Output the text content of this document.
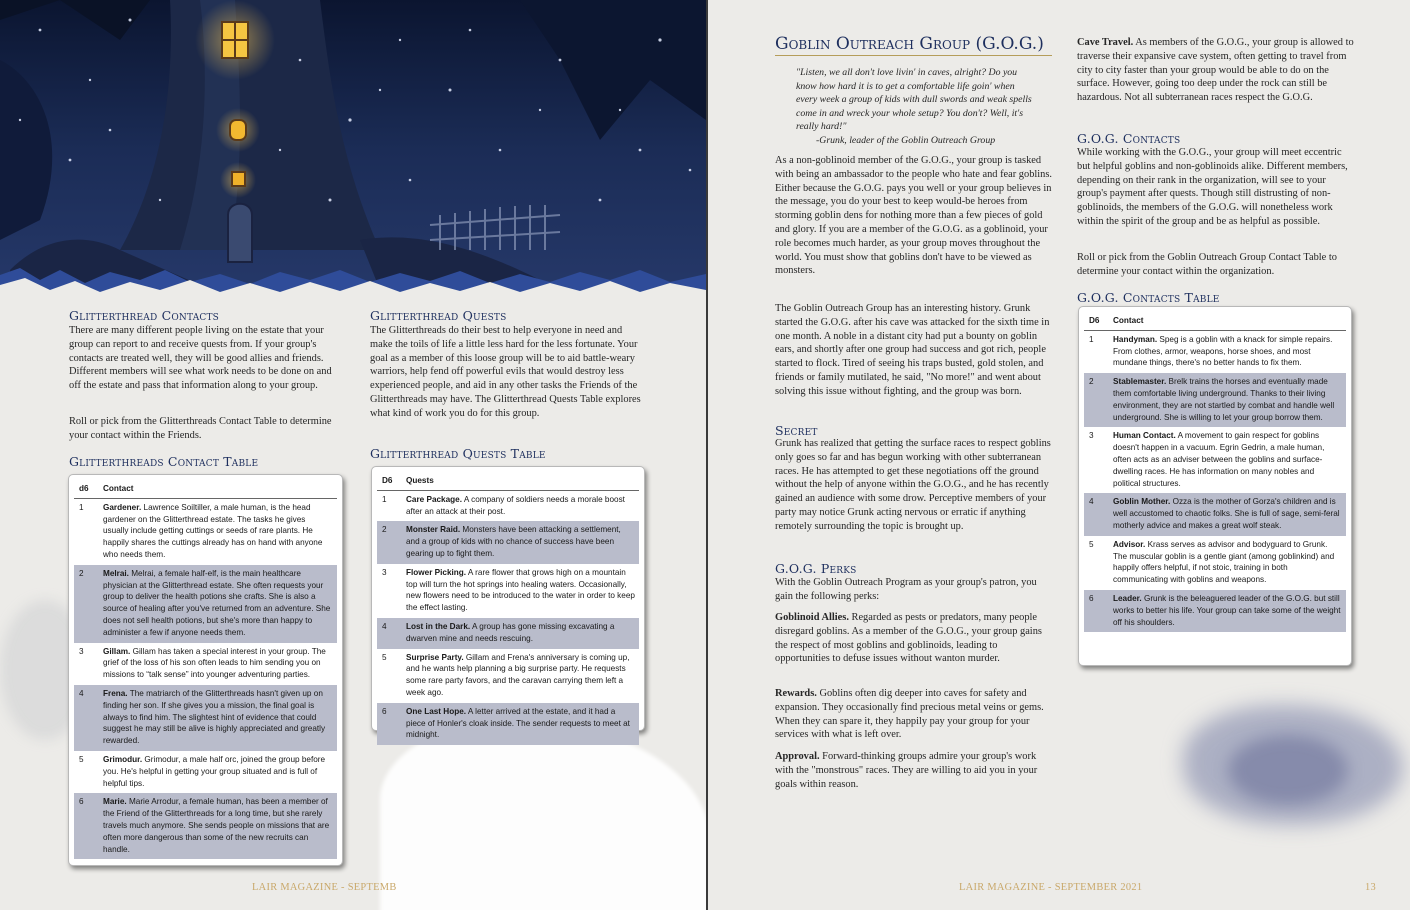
Glitterthread Contacts

There are many different people living on the estate that your group can report to and receive quests from. If your group's contacts are treated well, they will be good allies and friends. Different members will see what work needs to be done on and off the estate and pass that information along to your group.

Roll or pick from the Glitterthreads Contact Table to determine your contact within the Friends.

Glitterthreads Contact Table
d6	Contact
1	Gardener. Lawrence Soiltiller, a male human, is the head gardener on the Glitterthread estate. The tasks he gives usually include getting cuttings or seeds of rare plants. He happily shares the cuttings already has on hand with anyone who needs them.
2	Melrai. Melrai, a female half-elf, is the main healthcare physician at the Glitterthread estate. She often requests your group to deliver the health potions she crafts. She is also a source of healing after you've returned from an adventure. She does not sell health potions, but she's more than happy to administer a few if anyone needs them.
3	Gillam. Gillam has taken a special interest in your group. The grief of the loss of his son often leads to him sending you on missions to “talk sense” into younger adventuring parties.
4	Frena. The matriarch of the Glitterthreads hasn't given up on finding her son. If she gives you a mission, the final goal is always to find him. The slightest hint of evidence that could suggest he may still be alive is highly appreciated and greatly rewarded.
5	Grimodur. Grimodur, a male half orc, joined the group before you. He's helpful in getting your group situated and is full of helpful tips.
6	Marie. Marie Arrodur, a female human, has been a member of the Friend of the Glitterthreads for a long time, but she rarely travels much anymore. She sends people on missions that are often more dangerous than some of the new recruits can handle.
Glitterthread Quests

The Glitterthreads do their best to help everyone in need and make the toils of life a little less hard for the less fortunate. Your goal as a member of this loose group will be to aid battle-weary warriors, help fend off powerful evils that would destroy less experienced people, and aid in any other tasks the Friends of the Glitterthreads may have. The Glitterthread Quests Table explores what kind of work you do for this group.

Glitterthread Quests Table
D6	Quests
1	Care Package. A company of soldiers needs a morale boost after an attack at their post.
2	Monster Raid. Monsters have been attacking a settlement, and a group of kids with no chance of success have been gearing up to fight them.
3	Flower Picking. A rare flower that grows high on a mountain top will turn the hot springs into healing waters. Occasionally, new flowers need to be introduced to the water in order to keep the effect lasting.
4	Lost in the Dark. A group has gone missing excavating a dwarven mine and needs rescuing.
5	Surprise Party. Gillam and Frena's anniversary is coming up, and he wants help planning a big surprise party. He requests some rare party favors, and the caravan carrying them left a week ago.
6	One Last Hope. A letter arrived at the estate, and it had a piece of Honler's cloak inside. The sender requests to meet at midnight.
LAIR MAGAZINE - SEPTEMB
Goblin Outreach Group (G.O.G.)
"Listen, we all don't love livin' in caves, alright? Do you know how hard it is to get a comfortable life goin' when every week a group of kids with dull swords and weak spells come in and wreck your whole setup? You don't? Well, it's really hard!"
-Grunk, leader of the Goblin Outreach Group

As a non-goblinoid member of the G.O.G., your group is tasked with being an ambassador to the people who hate and fear goblins. Either because the G.O.G. pays you well or your group believes in the message, you do your best to keep would-be heroes from storming goblin dens for nothing more than a few pieces of gold and glory. If you are a member of the G.O.G. as a goblinoid, your role becomes much harder, as your group moves throughout the world. You must show that goblins don't have to be viewed as monsters.

The Goblin Outreach Group has an interesting history. Grunk started the G.O.G. after his cave was attacked for the sixth time in one month. A noble in a distant city had put a bounty on goblin ears, and shortly after one group had success and got rich, people started to flock. Tired of seeing his traps busted, gold stolen, and friends or family mutilated, he said, "No more!" and went about solving this issue without fighting, and the group was born.

Secret

Grunk has realized that getting the surface races to respect goblins only goes so far and has begun working with other subterranean races. He has attempted to get these negotiations off the ground without the help of anyone within the G.O.G., and he has recently gained an audience with some drow. Perceptive members of your party may notice Grunk acting nervous or erratic if anything remotely surrounding the topic is brought up.

G.O.G. Perks

With the Goblin Outreach Program as your group's patron, you gain the following perks:

Goblinoid Allies. Regarded as pests or predators, many people disregard goblins. As a member of the G.O.G., your group gains the respect of most goblins and goblinoids, leading to opportunities to defuse issues without wanton murder.

Rewards. Goblins often dig deeper into caves for safety and expansion. They occasionally find precious metal veins or gems. When they can spare it, they happily pay your group for your services with what is left over.

Approval. Forward-thinking groups admire your group's work with the "monstrous" races. They are willing to aid you in your goals within reason.

Cave Travel. As members of the G.O.G., your group is allowed to traverse their expansive cave system, often getting to travel from city to city faster than your group would be able to do on the surface. However, going too deep under the rock can still be hazardous. Not all subterranean races respect the G.O.G.

G.O.G. Contacts

While working with the G.O.G., your group will meet eccentric but helpful goblins and non-goblinoids alike. Different members, depending on their rank in the organization, will see to your group's payment after quests. Though still distrusting of non-goblinoids, the members of the G.O.G. will nonetheless work within the spirit of the group and be as helpful as possible.

Roll or pick from the Goblin Outreach Group Contact Table to determine your contact within the organization.

G.O.G. Contacts Table
D6	Contact
1	Handyman. Speg is a goblin with a knack for simple repairs. From clothes, armor, weapons, horse shoes, and most mundane things, there's no better hands to fix them.
2	Stablemaster. Brelk trains the horses and eventually made them comfortable living underground. Thanks to their living environment, they are not startled by combat and handle well underground. She is willing to let your group borrow them.
3	Human Contact. A movement to gain respect for goblins doesn't happen in a vacuum. Egrin Gedrin, a male human, often acts as an adviser between the goblins and surface-dwelling races. He has information on many nobles and political structures.
4	Goblin Mother. Ozza is the mother of Gorza's children and is well accustomed to chaotic folks. She is full of sage, semi-feral motherly advice and makes a great wolf steak.
5	Advisor. Krass serves as advisor and bodyguard to Grunk. The muscular goblin is a gentle giant (among goblinkind) and happily offers helpful, if not stoic, training in both communicating with goblins and weapons.
6	Leader. Grunk is the beleaguered leader of the G.O.G. but still works to better his life. Your group can take some of the weight off his shoulders.
LAIR MAGAZINE - SEPTEMBER 2021	13
